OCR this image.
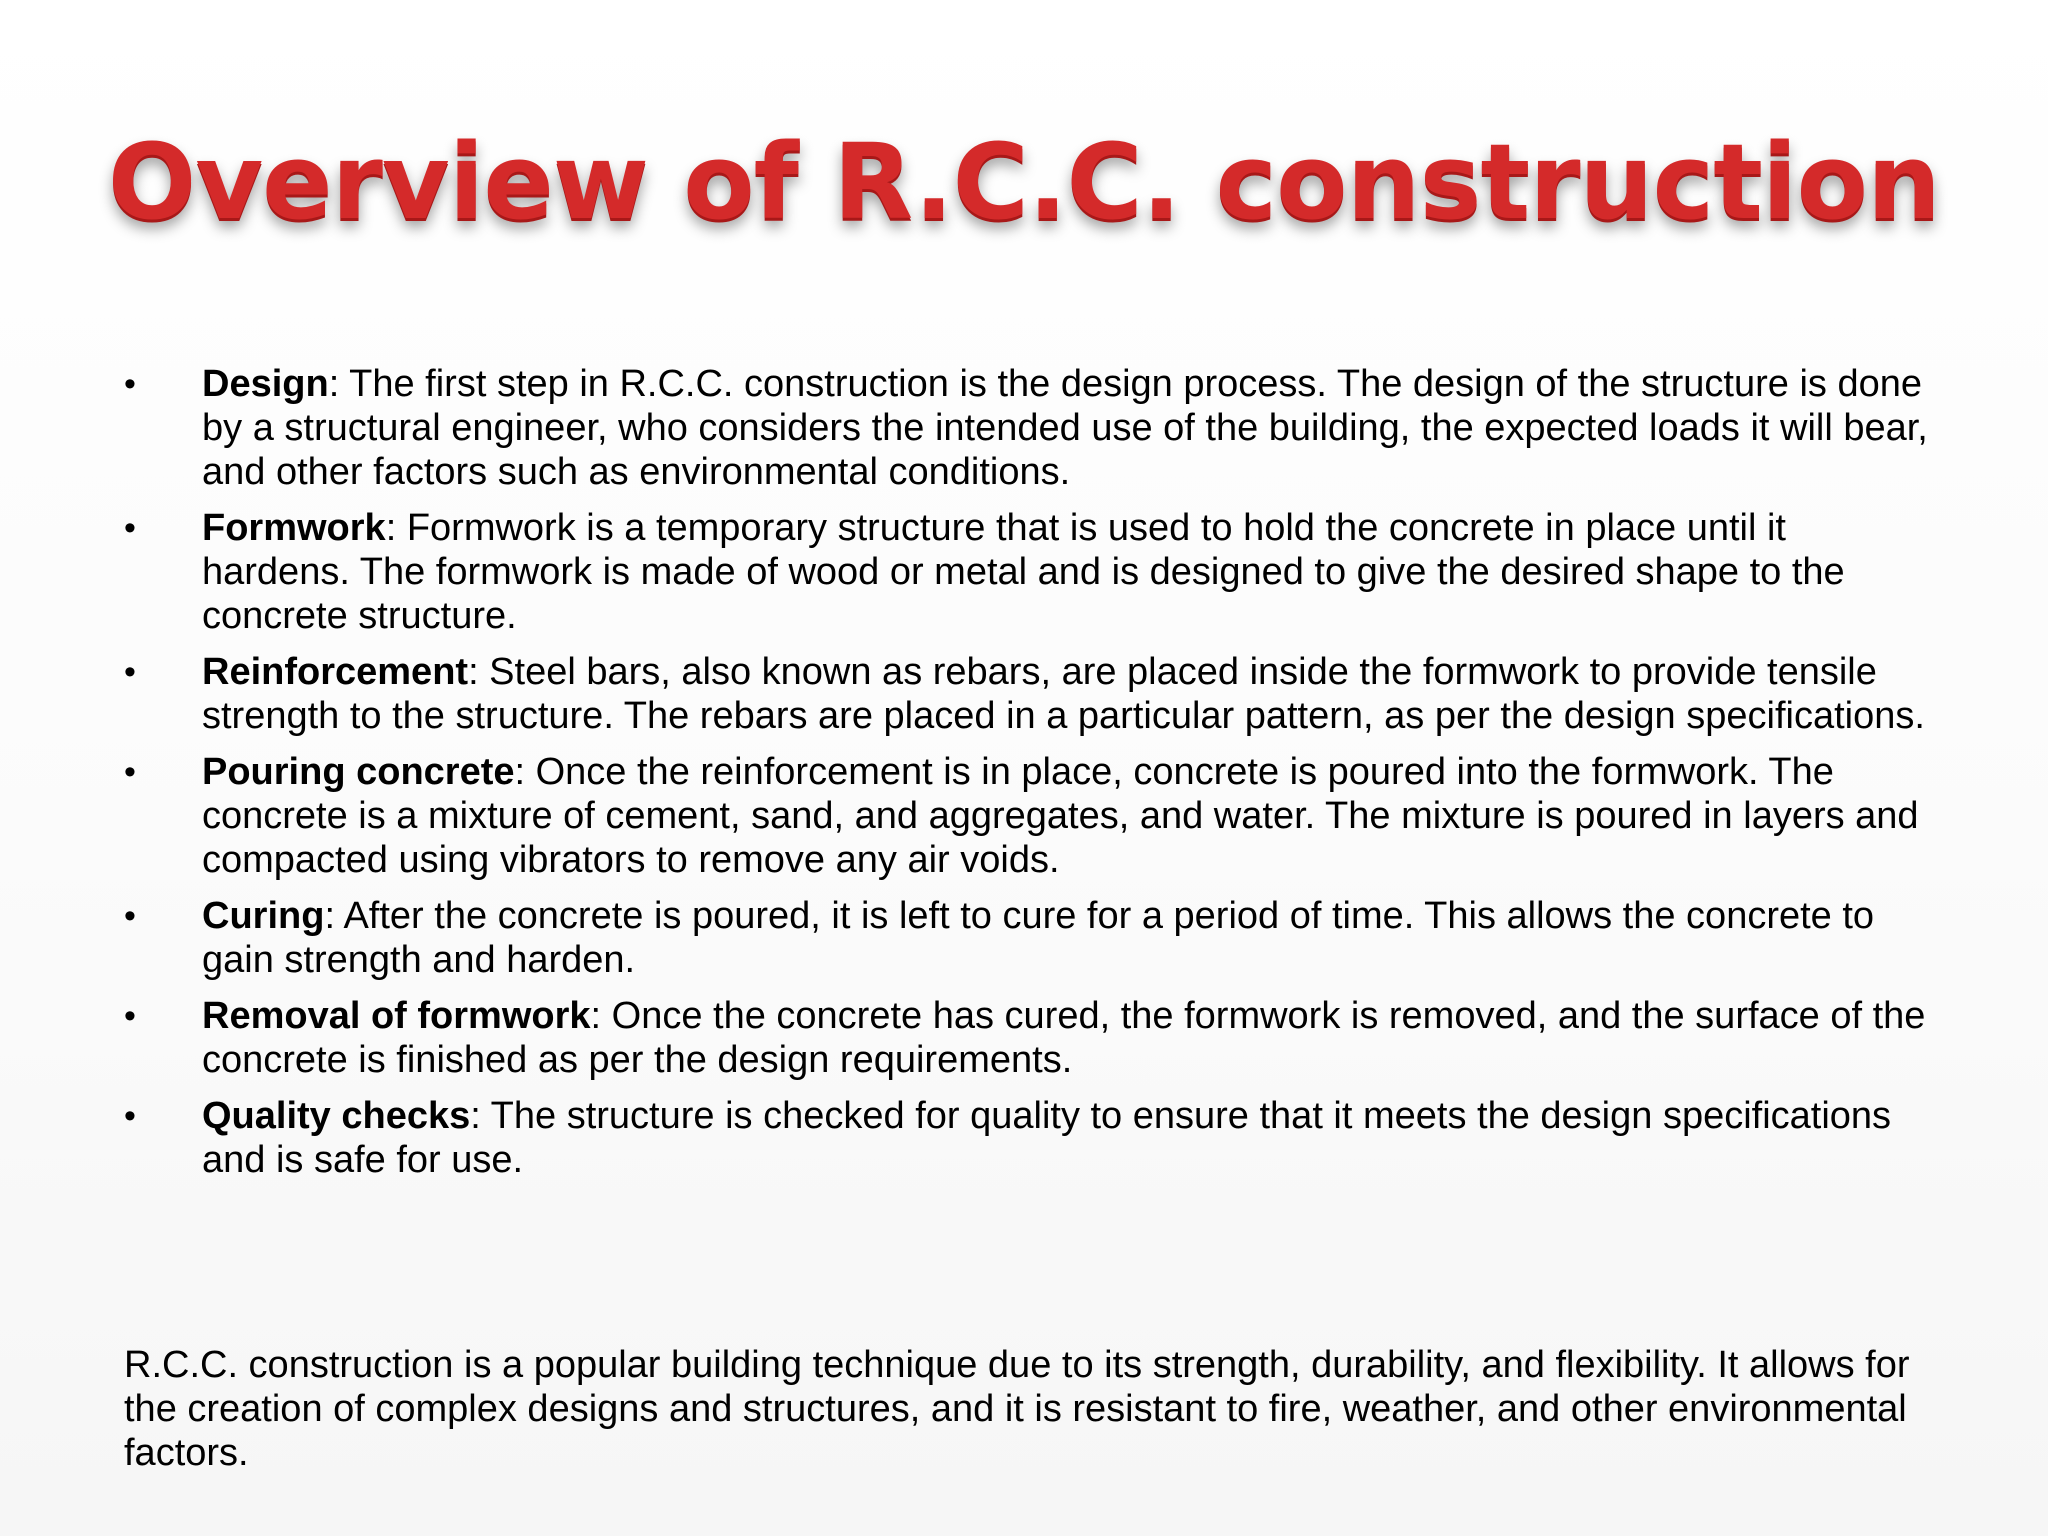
Overview of R.C.C. construction
• Design: The first step in R.C.C. construction is the design process. The design of the structure is done by a structural engineer, who considers the intended use of the building, the expected loads it will bear, and other factors such as environmental conditions.
• Formwork: Formwork is a temporary structure that is used to hold the concrete in place until it hardens. The formwork is made of wood or metal and is designed to give the desired shape to the concrete structure.
• Reinforcement: Steel bars, also known as rebars, are placed inside the formwork to provide tensile strength to the structure. The rebars are placed in a particular pattern, as per the design specifications.
• Pouring concrete: Once the reinforcement is in place, concrete is poured into the formwork. The concrete is a mixture of cement, sand, and aggregates, and water. The mixture is poured in layers and compacted using vibrators to remove any air voids.
• Curing: After the concrete is poured, it is left to cure for a period of time. This allows the concrete to gain strength and harden.
• Removal of formwork: Once the concrete has cured, the formwork is removed, and the surface of the concrete is finished as per the design requirements.
• Quality checks: The structure is checked for quality to ensure that it meets the design specifications and is safe for use.

R.C.C. construction is a popular building technique due to its strength, durability, and flexibility. It allows for the creation of complex designs and structures, and it is resistant to fire, weather, and other environmental factors.
